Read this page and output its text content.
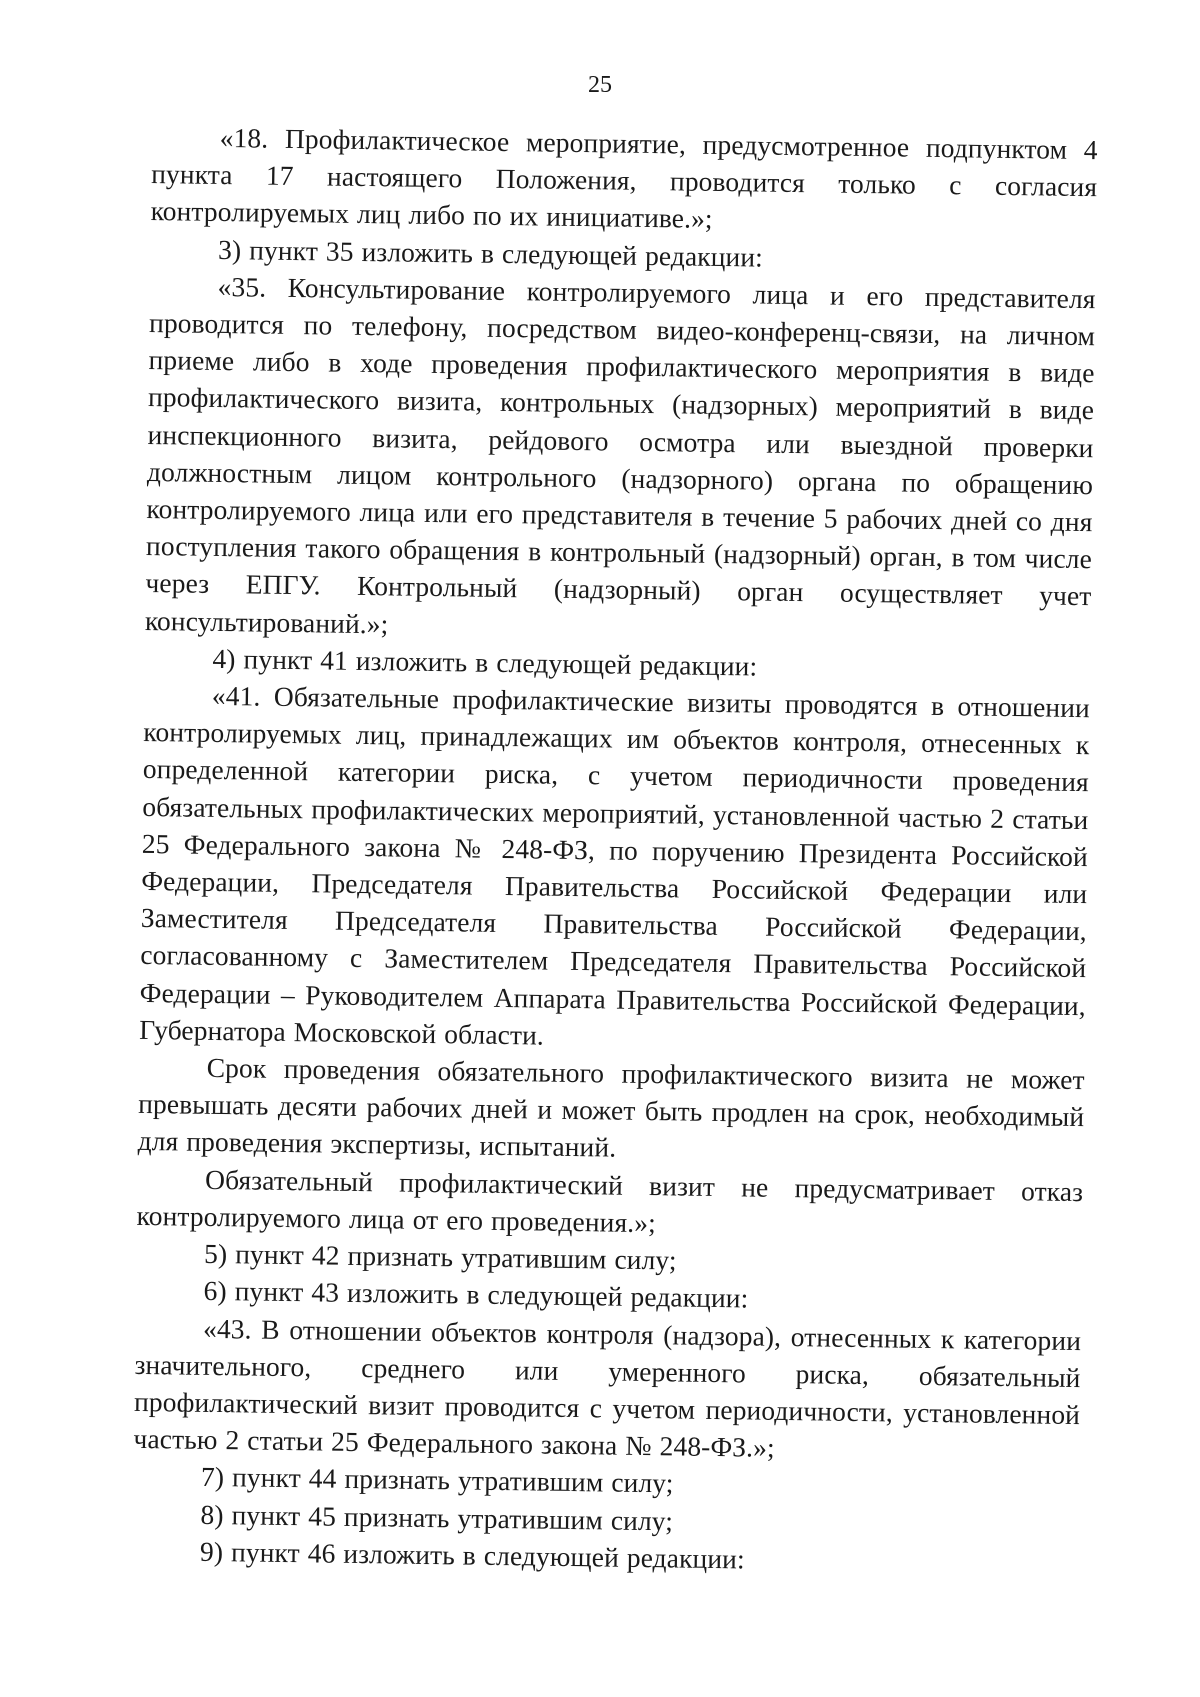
25

«18. Профилактическое мероприятие, предусмотренное подпунктом 4 пункта 17 настоящего Положения, проводится только с согласия контролируемых лиц либо по их инициативе.»;

3) пункт 35 изложить в следующей редакции:

«35. Консультирование контролируемого лица и его представителя проводится по телефону, посредством видео-конференц-связи, на личном приеме либо в ходе проведения профилактического мероприятия в виде профилактического визита, контрольных (надзорных) мероприятий в виде инспекционного визита, рейдового осмотра или выездной проверки должностным лицом контрольного (надзорного) органа по обращению контролируемого лица или его представителя в течение 5 рабочих дней со дня поступления такого обращения в контрольный (надзорный) орган, в том числе через ЕПГУ. Контрольный (надзорный) орган осуществляет учет консультирований.»;

4) пункт 41 изложить в следующей редакции:

«41. Обязательные профилактические визиты проводятся в отношении контролируемых лиц, принадлежащих им объектов контроля, отнесенных к определенной категории риска, с учетом периодичности проведения обязательных профилактических мероприятий, установленной частью 2 статьи 25 Федерального закона № 248-ФЗ, по поручению Президента Российской Федерации, Председателя Правительства Российской Федерации или Заместителя Председателя Правительства Российской Федерации, согласованному с Заместителем Председателя Правительства Российской Федерации – Руководителем Аппарата Правительства Российской Федерации, Губернатора Московской области.

Срок проведения обязательного профилактического визита не может превышать десяти рабочих дней и может быть продлен на срок, необходимый для проведения экспертизы, испытаний.

Обязательный профилактический визит не предусматривает отказ контролируемого лица от его проведения.»;

5) пункт 42 признать утратившим силу;

6) пункт 43 изложить в следующей редакции:

«43. В отношении объектов контроля (надзора), отнесенных к категории значительного, среднего или умеренного риска, обязательный профилактический визит проводится с учетом периодичности, установленной частью 2 статьи 25 Федерального закона № 248-ФЗ.»;

7) пункт 44 признать утратившим силу;

8) пункт 45 признать утратившим силу;

9) пункт 46 изложить в следующей редакции:
